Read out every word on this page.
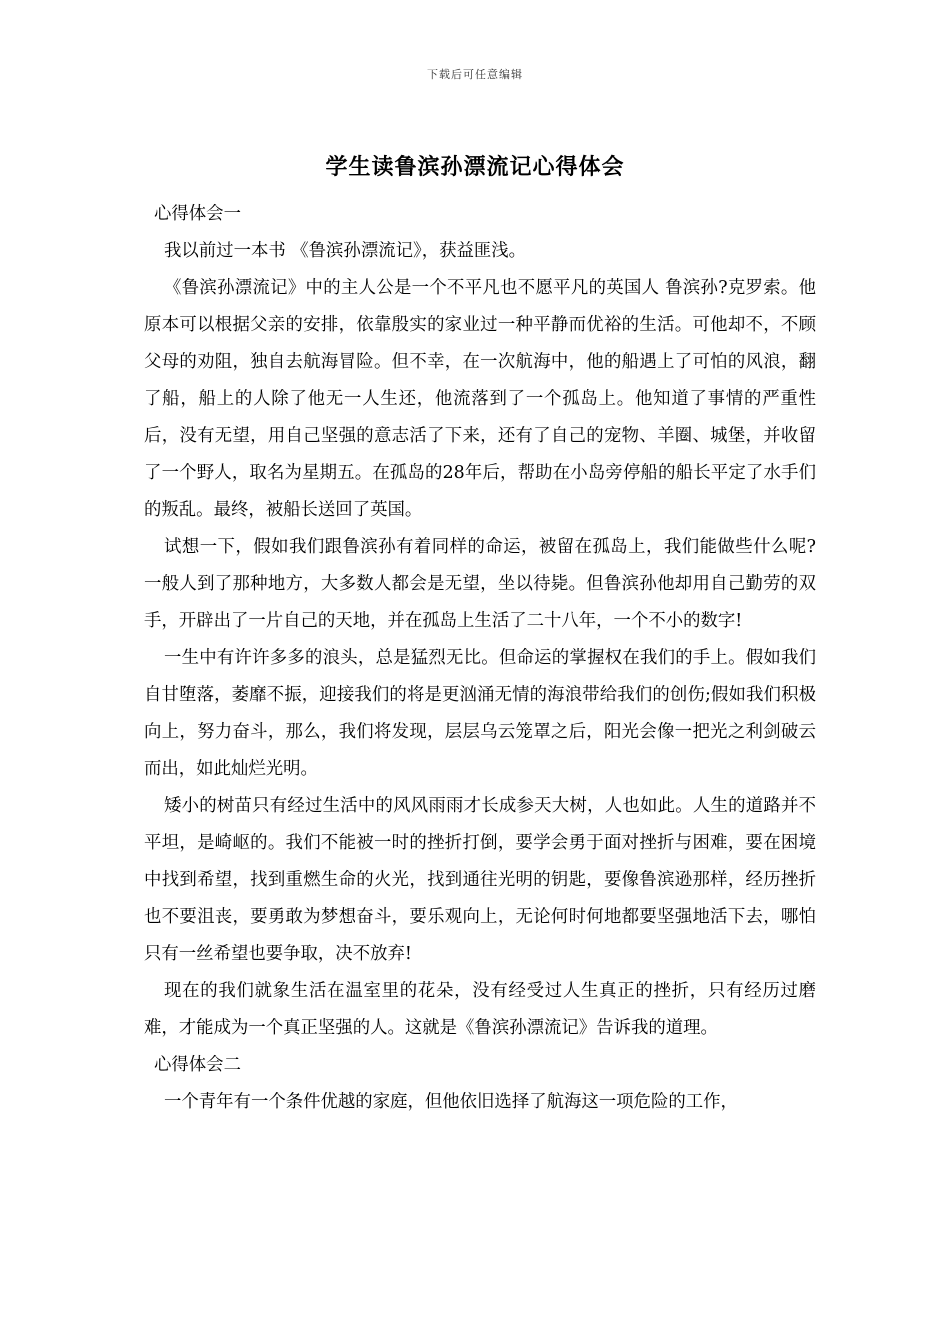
下载后可任意编辑
学生读鲁滨孙漂流记心得体会

心得体会一

我以前过一本书 《鲁滨孙漂流记》，获益匪浅。

《鲁滨孙漂流记》中的主人公是一个不平凡也不愿平凡的英国人 鲁滨孙?克罗索。他原本可以根据父亲的安排，依靠殷实的家业过一种平静而优裕的生活。可他却不，不顾父母的劝阻，独自去航海冒险。但不幸，在一次航海中，他的船遇上了可怕的风浪，翻了船，船上的人除了他无一人生还，他流落到了一个孤岛上。他知道了事情的严重性后，没有无望，用自己坚强的意志活了下来，还有了自己的宠物、羊圈、城堡，并收留了一个野人，取名为星期五。在孤岛的28年后，帮助在小岛旁停船的船长平定了水手们的叛乱。最终，被船长送回了英国。

试想一下，假如我们跟鲁滨孙有着同样的命运，被留在孤岛上，我们能做些什么呢?一般人到了那种地方，大多数人都会是无望，坐以待毙。但鲁滨孙他却用自己勤劳的双手，开辟出了一片自己的天地，并在孤岛上生活了二十八年，一个不小的数字!

一生中有许许多多的浪头，总是猛烈无比。但命运的掌握权在我们的手上。假如我们自甘堕落，萎靡不振，迎接我们的将是更汹涌无情的海浪带给我们的创伤;假如我们积极向上，努力奋斗，那么，我们将发现，层层乌云笼罩之后，阳光会像一把光之利剑破云而出，如此灿烂光明。

矮小的树苗只有经过生活中的风风雨雨才长成参天大树，人也如此。人生的道路并不平坦，是崎岖的。我们不能被一时的挫折打倒，要学会勇于面对挫折与困难，要在困境中找到希望，找到重燃生命的火光，找到通往光明的钥匙，要像鲁滨逊那样，经历挫折也不要沮丧，要勇敢为梦想奋斗，要乐观向上，无论何时何地都要坚强地活下去，哪怕只有一丝希望也要争取，决不放弃!

现在的我们就象生活在温室里的花朵，没有经受过人生真正的挫折，只有经历过磨难，才能成为一个真正坚强的人。这就是《鲁滨孙漂流记》告诉我的道理。

心得体会二

一个青年有一个条件优越的家庭，但他依旧选择了航海这一项危险的工作，
